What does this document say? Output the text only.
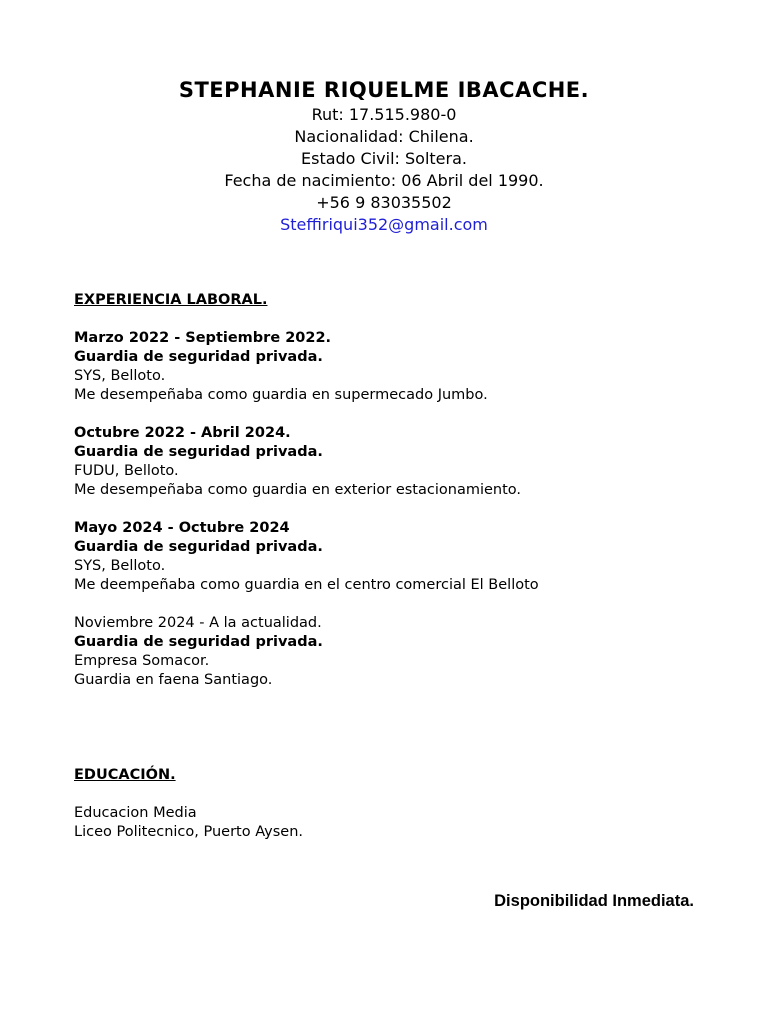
STEPHANIE RIQUELME IBACACHE.

Rut: 17.515.980-0

Nacionalidad: Chilena.

Estado Civil: Soltera.

Fecha de nacimiento: 06 Abril del 1990.

+56 9 83035502

Steffiriqui352@gmail.com

EXPERIENCIA LABORAL.

Marzo 2022 - Septiembre 2022.

Guardia de seguridad privada.

SYS, Belloto.

Me desempeñaba como guardia en supermecado Jumbo.

Octubre 2022 - Abril 2024.

Guardia de seguridad privada.

FUDU, Belloto.

Me desempeñaba como guardia en exterior estacionamiento.

Mayo 2024 - Octubre 2024

Guardia de seguridad privada.

SYS, Belloto.

Me deempeñaba como guardia en el centro comercial El Belloto

Noviembre 2024 - A la actualidad.

Guardia de seguridad privada.

Empresa Somacor.

Guardia en faena Santiago.

EDUCACIÓN.

Educacion Media

Liceo Politecnico, Puerto Aysen.

Disponibilidad Inmediata.
